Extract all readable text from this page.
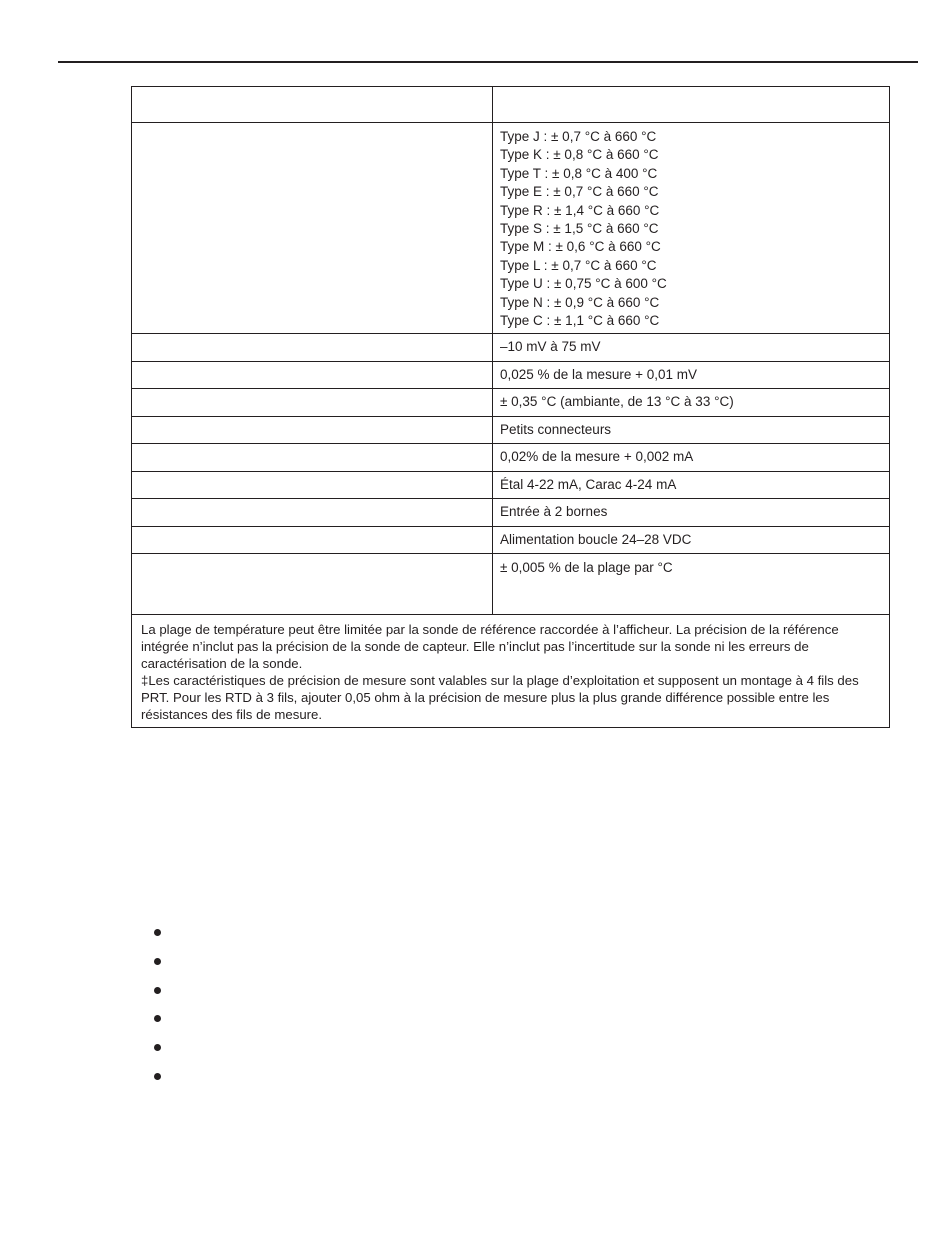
Type J : ± 0,7 °C à 660 °C
Type K : ± 0,8 °C à 660 °C
Type T : ± 0,8 °C à 400 °C
Type E : ± 0,7 °C à 660 °C
Type R : ± 1,4 °C à 660 °C
Type S : ± 1,5 °C à 660 °C
Type M : ± 0,6 °C à 660 °C
Type L : ± 0,7 °C à 660 °C
Type U : ± 0,75 °C à 600 °C
Type N : ± 0,9 °C à 660 °C
Type C : ± 1,1 °C à 660 °C
–10 mV à 75 mV
0,025 % de la mesure + 0,01 mV
± 0,35 °C (ambiante, de 13 °C à 33 °C)
Petits connecteurs
0,02% de la mesure + 0,002 mA
Étal 4-22 mA, Carac 4-24 mA
Entrée à 2 bornes
Alimentation boucle 24–28 VDC
± 0,005 % de la plage par °C

La plage de température peut être limitée par la sonde de référence raccordée à l’afficheur. La précision de la référence intégrée n’inclut pas la précision de la sonde de capteur. Elle n’inclut pas l’incertitude sur la sonde ni les erreurs de caractérisation de la sonde.

‡Les caractéristiques de précision de mesure sont valables sur la plage d’exploitation et supposent un montage à 4 fils des PRT. Pour les RTD à 3 fils, ajouter 0,05 ohm à la précision de mesure plus la plus grande différence possible entre les résistances des fils de mesure.
